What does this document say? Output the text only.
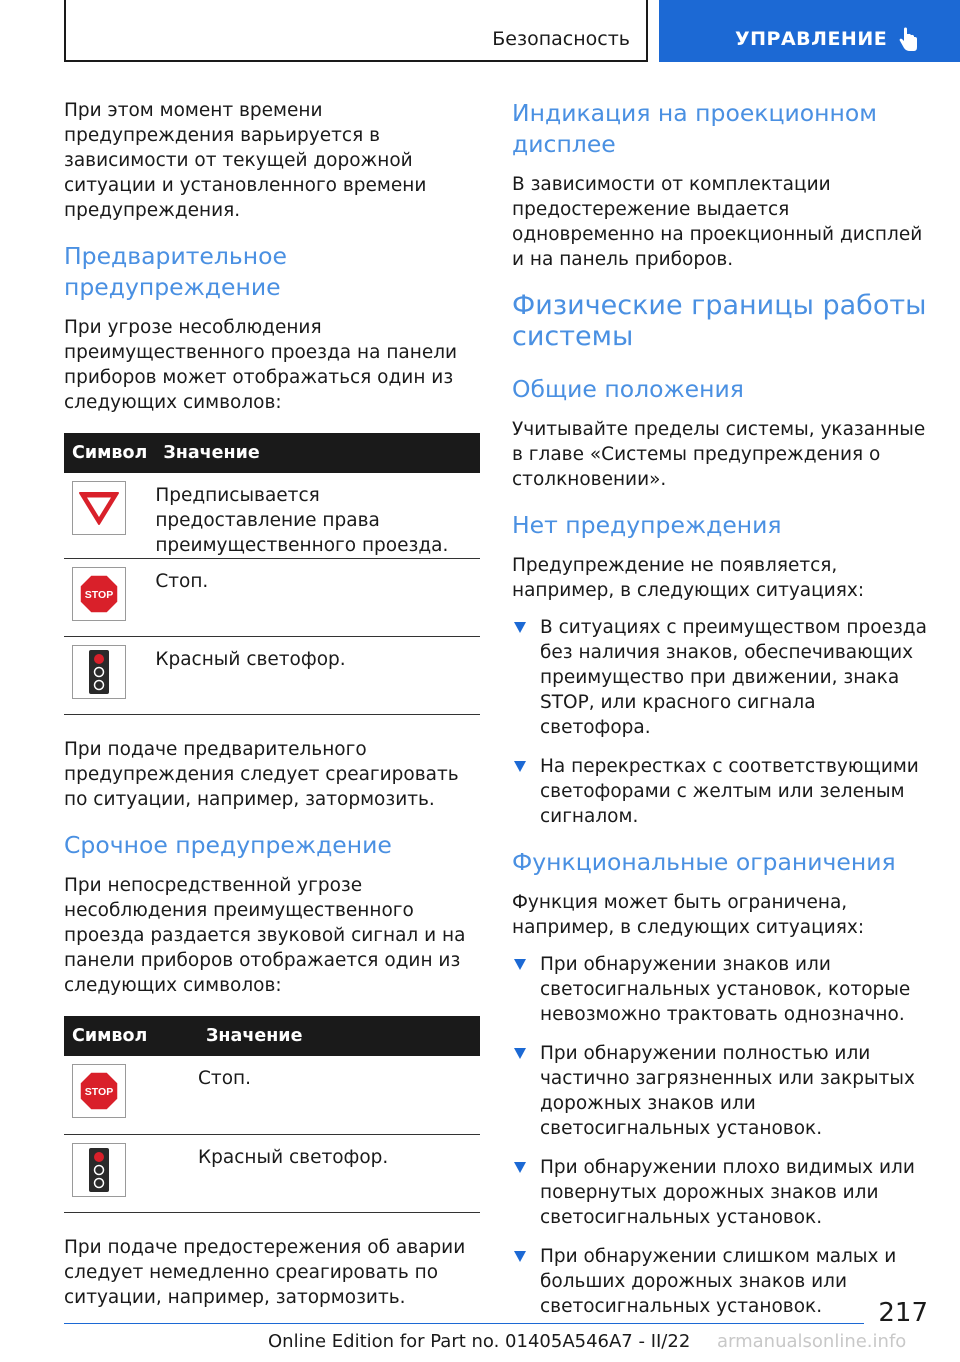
Безопасность	УПРАВЛЕНИЕ

При этом момент времени предупреждения варьируется в зависимости от текущей дорожной ситуации и установленного времени предупреждения.

Предварительное предупреждение

При угрозе несоблюдения преимущественного проезда на панели приборов может отображаться один из следующих символов:

Символ	Значение

	Предписывается предоставление права преимущественного проезда.

STOP	Стоп.

	Красный светофор.

При подаче предварительного предупреждения следует среагировать по ситуации, например, затормозить.

Срочное предупреждение

При непосредственной угрозе несоблюдения преимущественного проезда раздается звуковой сигнал и на панели приборов отображается один из следующих символов:

Символ	Значение

STOP	Стоп.

	Красный светофор.

При подаче предостережения об аварии следует немедленно среагировать по ситуации, например, затормозить.

Индикация на проекционном дисплее

В зависимости от комплектации предостережение выдается одновременно на проекционный дисплей и на панель приборов.

Физические границы работы системы
Общие положения

Учитывайте пределы системы, указанные в главе «Системы предупреждения о столкновении».

Нет предупреждения

Предупреждение не появляется, например, в следующих ситуациях:

В ситуациях с преимуществом проезда без наличия знаков, обеспечивающих преимущество при движении, знака STOP, или красного сигнала светофора.
На перекрестках с соответствующими светофорами с желтым или зеленым сигналом.
Функциональные ограничения

Функция может быть ограничена, например, в следующих ситуациях:

При обнаружении знаков или светосигнальных установок, которые невозможно трактовать однозначно.
При обнаружении полностью или частично загрязненных или закрытых дорожных знаков или светосигнальных установок.
При обнаружении плохо видимых или повернутых дорожных знаков или светосигнальных установок.
При обнаружении слишком малых и больших дорожных знаков или светосигнальных установок.	217
Online Edition for Part no. 01405A546A7 - II/22 armanualsonline.info
